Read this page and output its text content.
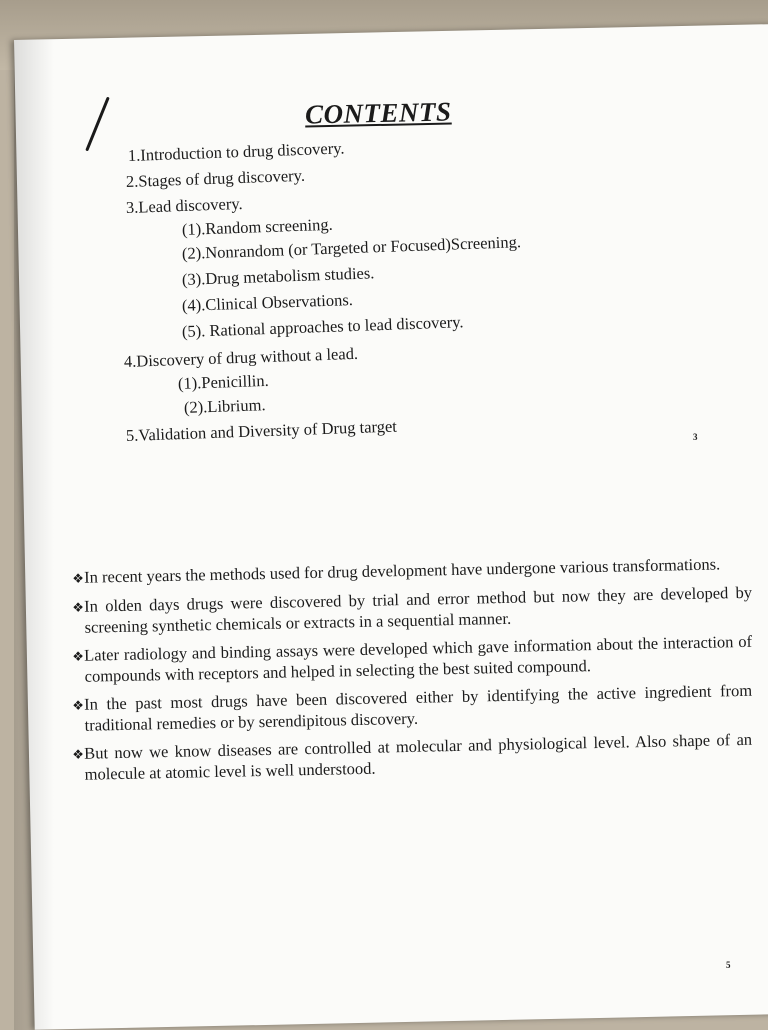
CONTENTS
1.Introduction to drug discovery.
2.Stages of drug discovery.
3.Lead discovery.
(1).Random screening.
(2).Nonrandom (or Targeted or Focused)Screening.
(3).Drug metabolism studies.
(4).Clinical Observations.
(5). Rational approaches to lead discovery.
4.Discovery of drug without a lead.
(1).Penicillin.
(2).Librium.
5.Validation and Diversity of Drug target	3
❖In recent years the methods used for drug development have undergone various transformations.
❖In olden days drugs were discovered by trial and error method but now they are developed by screening synthetic chemicals or extracts in a sequential manner.
❖Later radiology and binding assays were developed which gave information about the interaction of compounds with receptors and helped in selecting the best suited compound.
❖In the past most drugs have been discovered either by identifying the active ingredient from traditional remedies or by serendipitous discovery.
❖But now we know diseases are controlled at molecular and physiological level. Also shape of an molecule at atomic level is well understood.
5
